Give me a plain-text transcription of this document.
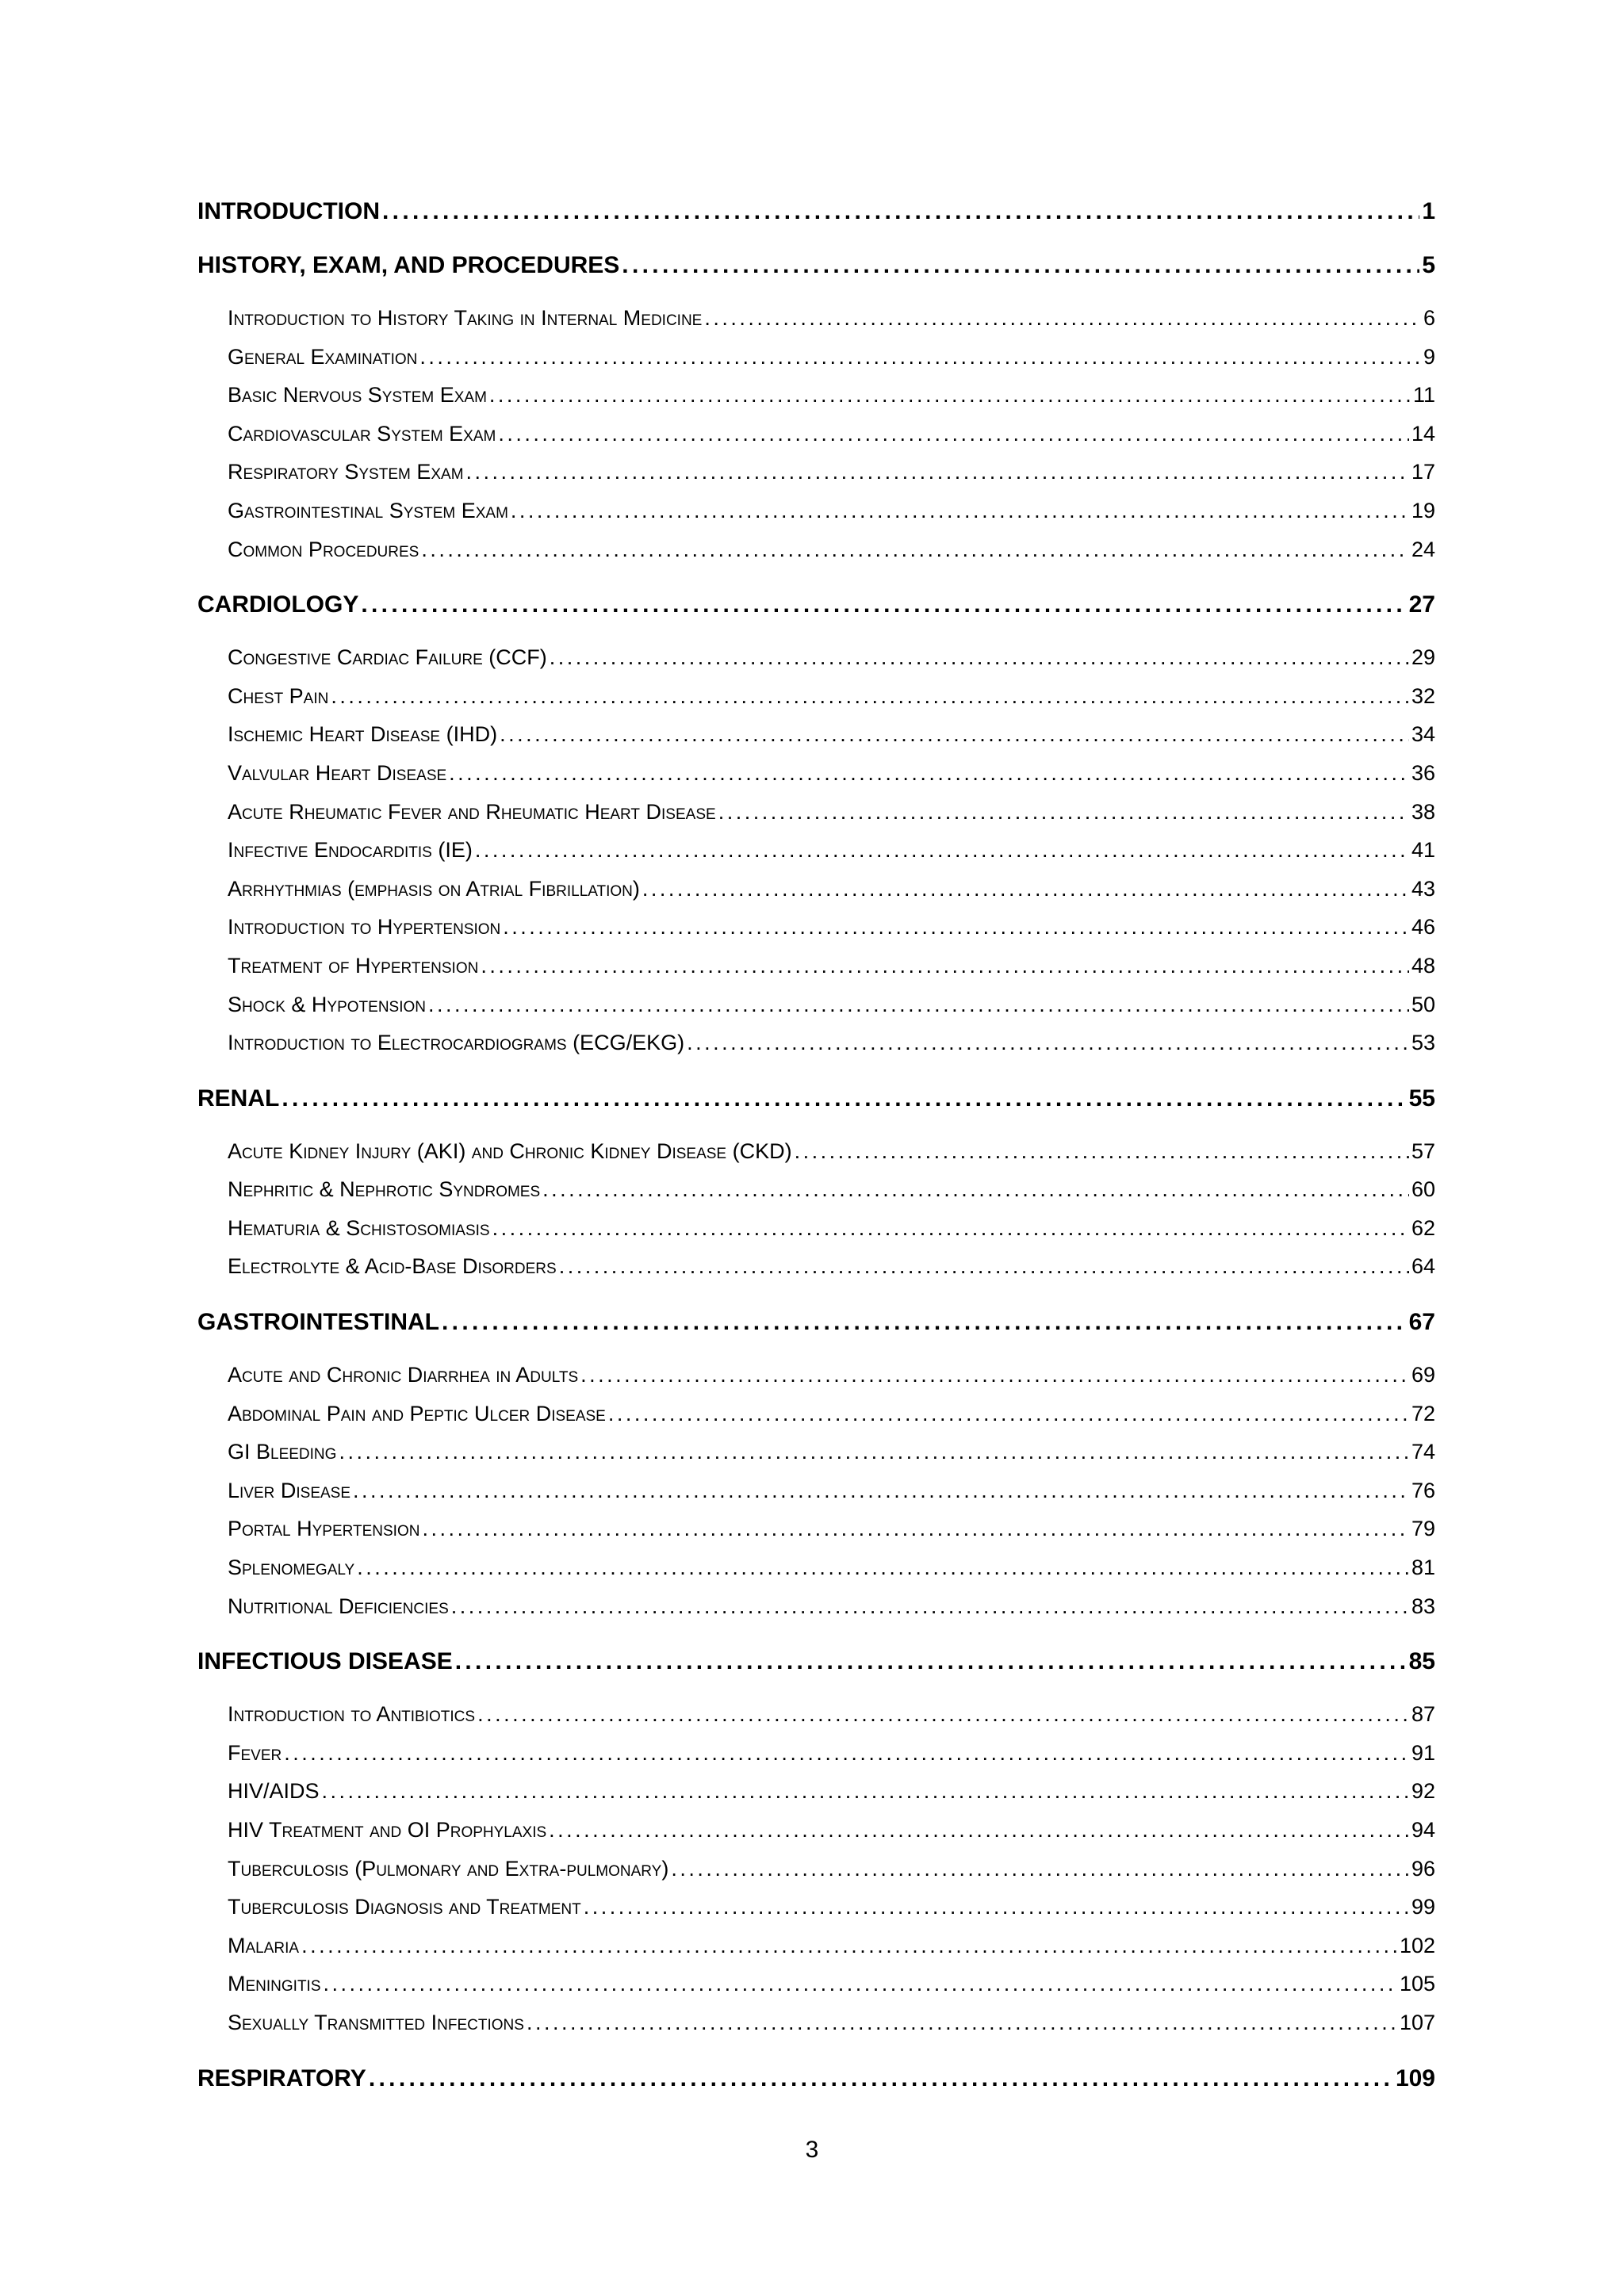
INTRODUCTION . . .	1
HISTORY, EXAM, AND PROCEDURES . . .	5
Introduction to History Taking in Internal Medicine . . .	6
General Examination . . .	9
Basic Nervous System Exam . . .	11
Cardiovascular System Exam . . .	14
Respiratory System Exam . . .	17
Gastrointestinal System Exam . . .	19
Common Procedures . . .	24
CARDIOLOGY . . .	27
Congestive Cardiac Failure (CCF) . . .	29
Chest Pain . . .	32
Ischemic Heart Disease (IHD) . . .	34
Valvular Heart Disease . . .	36
Acute Rheumatic Fever and Rheumatic Heart Disease . . .	38
Infective Endocarditis (IE) . . .	41
Arrhythmias (emphasis on Atrial Fibrillation) . . .	43
Introduction to Hypertension . . .	46
Treatment of Hypertension . . .	48
Shock & Hypotension . . .	50
Introduction to Electrocardiograms (ECG/EKG) . . .	53
RENAL . . .	55
Acute Kidney Injury (AKI) and Chronic Kidney Disease (CKD) . . .	57
Nephritic & Nephrotic Syndromes . . .	60
Hematuria & Schistosomiasis . . .	62
Electrolyte & Acid-Base Disorders . . .	64
GASTROINTESTINAL . . .	67
Acute and Chronic Diarrhea in Adults . . .	69
Abdominal Pain and Peptic Ulcer Disease . . .	72
GI Bleeding . . .	74
Liver Disease . . .	76
Portal Hypertension . . .	79
Splenomegaly . . .	81
Nutritional Deficiencies . . .	83
INFECTIOUS DISEASE . . .	85
Introduction to Antibiotics . . .	87
Fever . . .	91
HIV/AIDS . . .	92
HIV Treatment and OI Prophylaxis . . .	94
Tuberculosis (Pulmonary and Extra-pulmonary) . . .	96
Tuberculosis Diagnosis and Treatment . . .	99
Malaria . . .	102
Meningitis . . .	105
Sexually Transmitted Infections . . .	107
RESPIRATORY . . .	109
3
